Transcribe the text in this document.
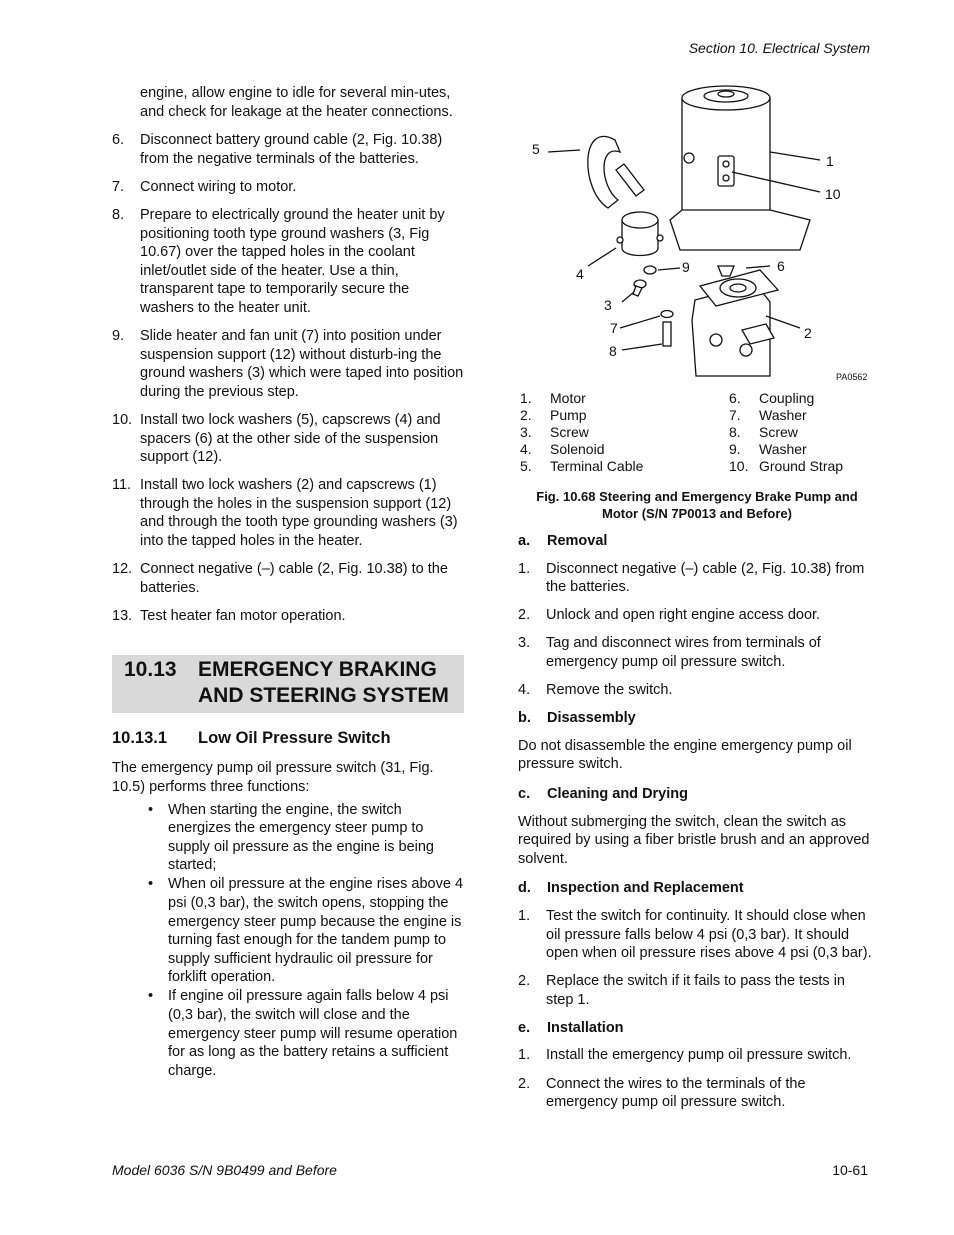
Section 10. Electrical System

engine, allow engine to idle for several min-utes, and check for leakage at the heater connections.

6. Disconnect battery ground cable (2, Fig. 10.38) from the negative terminals of the batteries.
7. Connect wiring to motor.
8. Prepare to electrically ground the heater unit by positioning tooth type ground washers (3, Fig 10.67) over the tapped holes in the coolant inlet/outlet side of the heater. Use a thin, transparent tape to temporarily secure the washers to the heater unit.
9. Slide heater and fan unit (7) into position under suspension support (12) without disturb-ing the ground washers (3) which were taped into position during the previous step.
10. Install two lock washers (5), capscrews (4) and spacers (6) at the other side of the suspension support (12).
11. Install two lock washers (2) and capscrews (1) through the holes in the suspension support (12) and through the tooth type grounding washers (3) into the tapped holes in the heater.
12. Connect negative (–) cable (2, Fig. 10.38) to the batteries.
13. Test heater fan motor operation.
10.13 EMERGENCY BRAKING AND STEERING SYSTEM
10.13.1 Low Oil Pressure Switch

The emergency pump oil pressure switch (31, Fig. 10.5) performs three functions:

• When starting the engine, the switch energizes the emergency steer pump to supply oil pressure as the engine is being started;
• When oil pressure at the engine rises above 4 psi (0,3 bar), the switch opens, stopping the emergency steer pump because the engine is turning fast enough for the tandem pump to supply sufficient hydraulic oil pressure for forklift operation.
• If engine oil pressure again falls below 4 psi (0,3 bar), the switch will close and the emergency steer pump will resume operation for as long as the battery retains a sufficient charge.
1
10
5
4	9	6
3
7
8
2
PA0562
1. Motor
2. Pump
3. Screw
4. Solenoid
5. Terminal Cable
6. Coupling
7. Washer
8. Screw
9. Washer
10. Ground Strap
Fig. 10.68 Steering and Emergency Brake Pump and
Motor (S/N 7P0013 and Before)
a.	Removal
1. Disconnect negative (–) cable (2, Fig. 10.38) from the batteries.
2. Unlock and open right engine access door.
3. Tag and disconnect wires from terminals of emergency pump oil pressure switch.
4. Remove the switch.
b.	Disassembly

Do not disassemble the engine emergency pump oil pressure switch.

c.	Cleaning and Drying

Without submerging the switch, clean the switch as required by using a fiber bristle brush and an approved solvent.

d.	Inspection and Replacement
1. Test the switch for continuity. It should close when oil pressure falls below 4 psi (0,3 bar). It should open when oil pressure rises above 4 psi (0,3 bar).
2. Replace the switch if it fails to pass the tests in step 1.
e.	Installation
1. Install the emergency pump oil pressure switch.
2. Connect the wires to the terminals of the emergency pump oil pressure switch.
Model 6036 S/N 9B0499 and Before	10-61
